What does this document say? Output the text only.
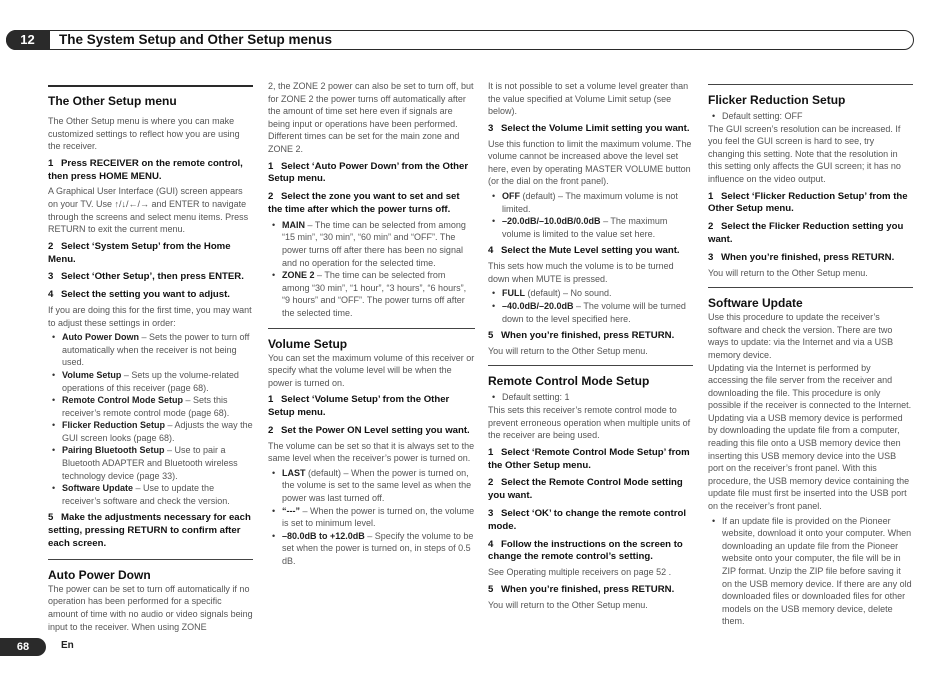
12	The System Setup and Other Setup menus

The Other Setup menu

The Other Setup menu is where you can make customized settings to reflect how you are using the receiver.

1 Press RECEIVER on the remote control, then press HOME MENU.

A Graphical User Interface (GUI) screen appears on your TV. Use ↑/↓/←/→ and ENTER to navigate through the screens and select menu items. Press RETURN to exit the current menu.

2 Select ‘System Setup’ from the Home Menu.

3 Select ‘Other Setup’, then press ENTER.

4 Select the setting you want to adjust.

If you are doing this for the first time, you may want to adjust these settings in order:

• Auto Power Down – Sets the power to turn off automatically when the receiver is not being used.
• Volume Setup – Sets up the volume-related operations of this receiver (page 68).
• Remote Control Mode Setup – Sets this receiver’s remote control mode (page 68).
• Flicker Reduction Setup – Adjusts the way the GUI screen looks (page 68).
• Pairing Bluetooth Setup – Use to pair a Bluetooth ADAPTER and Bluetooth wireless technology device (page 33).
• Software Update – Use to update the receiver’s software and check the version.

5 Make the adjustments necessary for each setting, pressing RETURN to confirm after each screen.

Auto Power Down

The power can be set to turn off automatically if no operation has been performed for a specific amount of time with no audio or video signals being input to the receiver. When using ZONE

2, the ZONE 2 power can also be set to turn off, but for ZONE 2 the power turns off automatically after the amount of time set here even if signals are being input or operations have been performed.

Different times can be set for the main zone and ZONE 2.

1 Select ‘Auto Power Down’ from the Other Setup menu.

2 Select the zone you want to set and set the time after which the power turns off.

• MAIN – The time can be selected from among “15 min”, “30 min”, “60 min” and “OFF”. The power turns off after there has been no signal and no operation for the selected time.
• ZONE 2 – The time can be selected from among “30 min”, “1 hour”, “3 hours”, “6 hours”, “9 hours” and “OFF”. The power turns off after the selected time.

Volume Setup

You can set the maximum volume of this receiver or specify what the volume level will be when the power is turned on.

1 Select ‘Volume Setup’ from the Other Setup menu.

2 Set the Power ON Level setting you want.

The volume can be set so that it is always set to the same level when the receiver’s power is turned on.

• LAST (default) – When the power is turned on, the volume is set to the same level as when the power was last turned off.
• “---” – When the power is turned on, the volume is set to minimum level.
• –80.0dB to +12.0dB – Specify the volume to be set when the power is turned on, in steps of 0.5 dB.

It is not possible to set a volume level greater than the value specified at Volume Limit setup (see below).

3 Select the Volume Limit setting you want.

Use this function to limit the maximum volume. The volume cannot be increased above the level set here, even by operating MASTER VOLUME button (or the dial on the front panel).

• OFF (default) – The maximum volume is not limited.
• –20.0dB/–10.0dB/0.0dB – The maximum volume is limited to the value set here.

4 Select the Mute Level setting you want.

This sets how much the volume is to be turned down when MUTE is pressed.

• FULL (default) – No sound.
• –40.0dB/–20.0dB – The volume will be turned down to the level specified here.

5 When you’re finished, press RETURN.

You will return to the Other Setup menu.

Remote Control Mode Setup

• Default setting: 1

This sets this receiver’s remote control mode to prevent erroneous operation when multiple units of the receiver are being used.

1 Select ‘Remote Control Mode Setup’ from the Other Setup menu.

2 Select the Remote Control Mode setting you want.

3 Select ‘OK’ to change the remote control mode.

4 Follow the instructions on the screen to change the remote control’s setting.

See Operating multiple receivers on page 52 .

5 When you’re finished, press RETURN.

You will return to the Other Setup menu.

Flicker Reduction Setup

• Default setting: OFF

The GUI screen’s resolution can be increased. If you feel the GUI screen is hard to see, try changing this setting. Note that the resolution in this setting only affects the GUI screen; it has no influence on the video output.

1 Select ‘Flicker Reduction Setup’ from the Other Setup menu.

2 Select the Flicker Reduction setting you want.

3 When you’re finished, press RETURN.

You will return to the Other Setup menu.

Software Update

Use this procedure to update the receiver’s software and check the version. There are two ways to update: via the Internet and via a USB memory device.

Updating via the Internet is performed by accessing the file server from the receiver and downloading the file. This procedure is only possible if the receiver is connected to the Internet.

Updating via a USB memory device is performed by downloading the update file from a computer, reading this file onto a USB memory device then inserting this USB memory device into the USB port on the receiver’s front panel. With this procedure, the USB memory device containing the update file must first be inserted into the USB port on the receiver’s front panel.

• If an update file is provided on the Pioneer website, download it onto your computer. When downloading an update file from the Pioneer website onto your computer, the file will be in ZIP format. Unzip the ZIP file before saving it on the USB memory device. If there are any old downloaded files or downloaded files for other models on the USB memory device, delete them.
68	En
